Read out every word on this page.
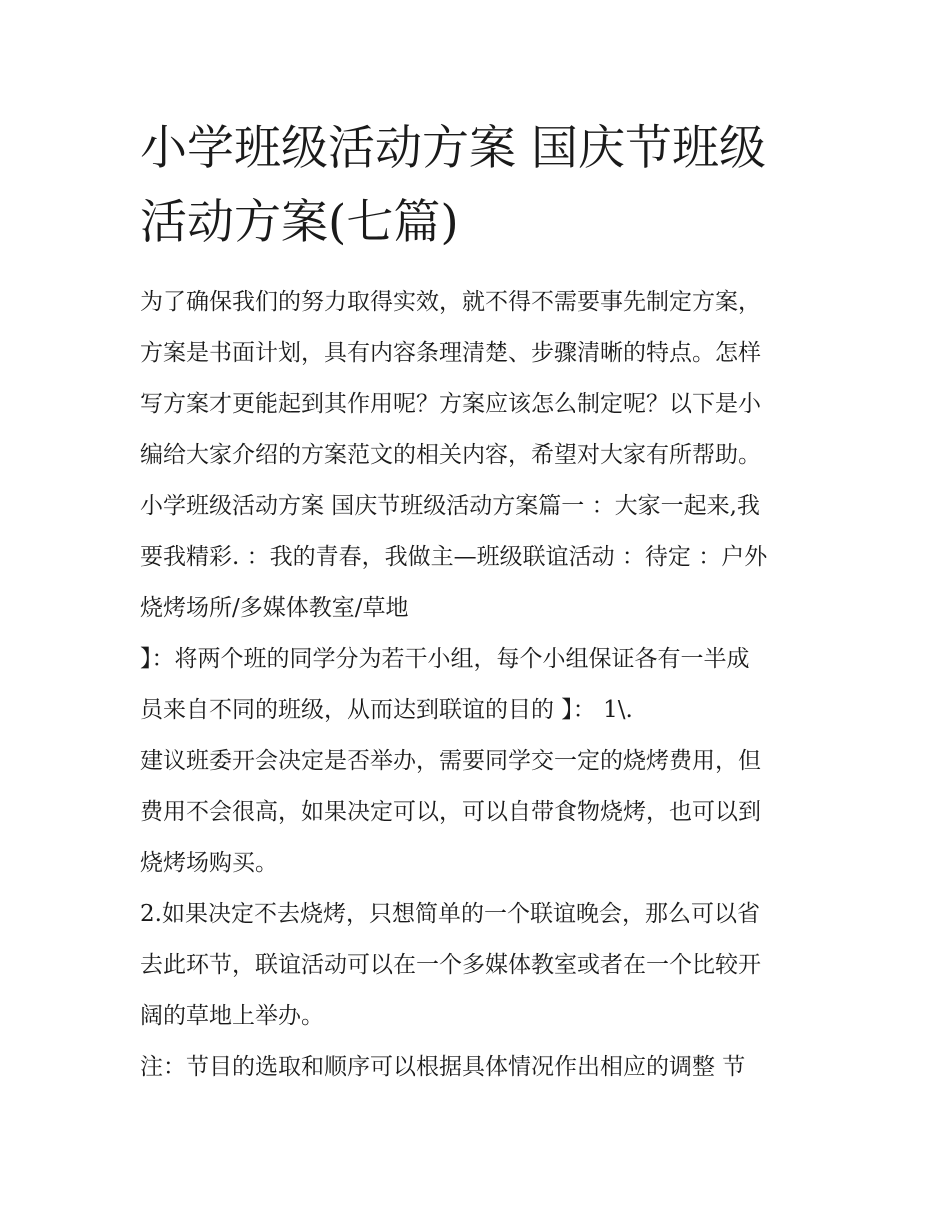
小学班级活动方案 国庆节班级
活动方案(七篇)
为了确保我们的努力取得实效，就不得不需要事先制定方案，
方案是书面计划，具有内容条理清楚、步骤清晰的特点。怎样
写方案才更能起到其作用呢？方案应该怎么制定呢？以下是小
编给大家介绍的方案范文的相关内容，希望对大家有所帮助。
小学班级活动方案 国庆节班级活动方案篇一 ：大家一起来,我
要我精彩. ：我的青春，我做主—班级联谊活动 ：待定 ：户外
烧烤场所/多媒体教室/草地
】：将两个班的同学分为若干小组，每个小组保证各有一半成
员来自不同的班级，从而达到联谊的目的 】： 1\.
建议班委开会决定是否举办，需要同学交一定的烧烤费用，但
费用不会很高，如果决定可以，可以自带食物烧烤，也可以到
烧烤场购买。
2.如果决定不去烧烤，只想简单的一个联谊晚会，那么可以省
去此环节，联谊活动可以在一个多媒体教室或者在一个比较开
阔的草地上举办。
注：节目的选取和顺序可以根据具体情况作出相应的调整 节
